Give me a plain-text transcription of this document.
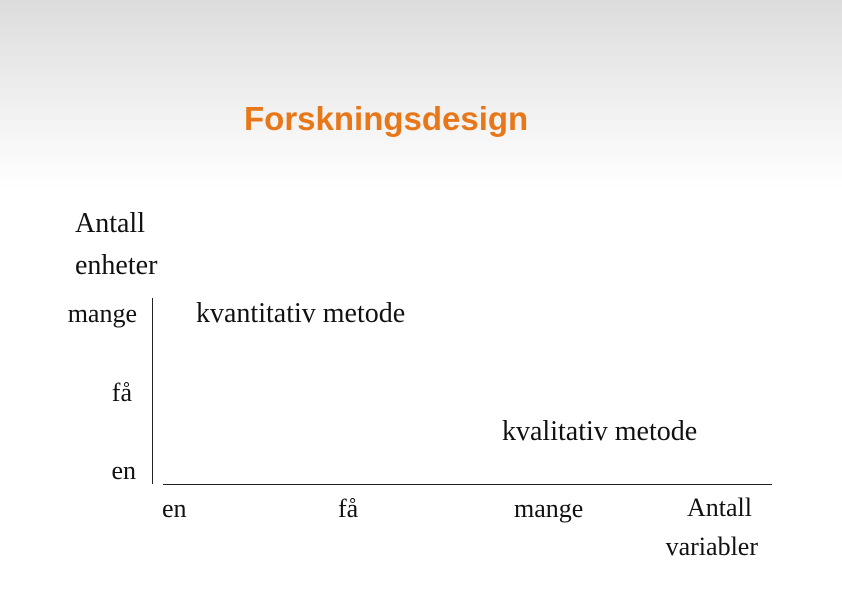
Forskningsdesign
Antall
enheter
mange
få
en
kvantitativ metode
kvalitativ metode
en	få	mange	Antall
variabler
